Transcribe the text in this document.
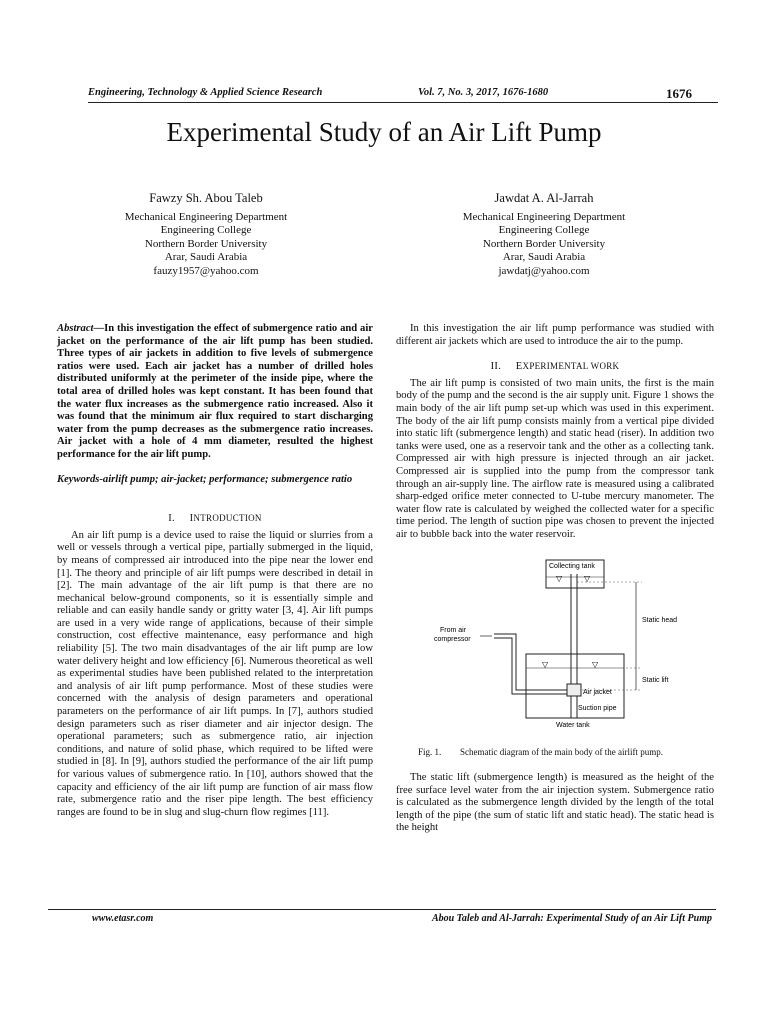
Engineering, Technology & Applied Science Research	Vol. 7, No. 3, 2017, 1676-1680	1676
Experimental Study of an Air Lift Pump
Fawzy Sh. Abou Taleb
Mechanical Engineering Department
Engineering College
Northern Border University
Arar, Saudi Arabia
fauzy1957@yahoo.com
Jawdat A. Al-Jarrah
Mechanical Engineering Department
Engineering College
Northern Border University
Arar, Saudi Arabia
jawdatj@yahoo.com

Abstract—In this investigation the effect of submergence ratio and air jacket on the performance of the air lift pump has been studied. Three types of air jackets in addition to five levels of submergence ratios were used. Each air jacket has a number of drilled holes distributed uniformly at the perimeter of the inside pipe, where the total area of drilled holes was kept constant. It has been found that the water flux increases as the submergence ratio increased. Also it was found that the minimum air flux required to start discharging water from the pump decreases as the submergence ratio increases. Air jacket with a hole of 4 mm diameter, resulted the highest performance for the air lift pump.

Keywords-airlift pump; air-jacket; performance; submergence ratio

I. INTRODUCTION

An air lift pump is a device used to raise the liquid or slurries from a well or vessels through a vertical pipe, partially submerged in the liquid, by means of compressed air introduced into the pipe near the lower end [1]. The theory and principle of air lift pumps were described in detail in [2]. The main advantage of the air lift pump is that there are no mechanical below-ground components, so it is essentially simple and reliable and can easily handle sandy or gritty water [3, 4]. Air lift pumps are used in a very wide range of applications, because of their simple construction, cost effective maintenance, easy performance and high reliability [5]. The two main disadvantages of the air lift pump are low water delivery height and low efficiency [6]. Numerous theoretical as well as experimental studies have been published related to the interpretation and analysis of air lift pump performance. Most of these studies were concerned with the analysis of design parameters and operational parameters on the performance of air lift pumps. In [7], authors studied design parameters such as riser diameter and air injector design. The operational parameters; such as submergence ratio, air injection conditions, and nature of solid phase, which required to be lifted were studied in [8]. In [9], authors studied the performance of the air lift pump for various values of submergence ratio. In [10], authors showed that the capacity and efficiency of the air lift pump are function of air mass flow rate, submergence ratio and the riser pipe length. The best efficiency ranges are found to be in slug and slug-churn flow regimes [11].

In this investigation the air lift pump performance was studied with different air jackets which are used to introduce the air to the pump.

II. EXPERIMENTAL WORK

The air lift pump is consisted of two main units, the first is the main body of the pump and the second is the air supply unit. Figure 1 shows the main body of the air lift pump set-up which was used in this experiment. The body of the air lift pump consists mainly from a vertical pipe divided into static lift (submergence length) and static head (riser). In addition two tanks were used, one as a reservoir tank and the other as a collecting tank. Compressed air with high pressure is injected through an air jacket. Compressed air is supplied into the pump from the compressor tank through an air-supply line. The airflow rate is measured using a calibrated sharp-edged orifice meter connected to U-tube mercury manometer. The water flow rate is calculated by weighed the collected water for a specific time period. The length of suction pipe was chosen to prevent the injected air to bubble back into the water reservoir.

Collecting tank
▽	▽
▽	▽
Static head
Static lift
From air
compressor
Air jacket
Suction pipe
Water tank

Fig. 1. Schematic diagram of the main body of the airlift pump.

The static lift (submergence length) is measured as the height of the free surface level water from the air injection system. Submergence ratio is calculated as the submergence length divided by the length of the total length of the pipe (the sum of static lift and static head). The static head is the height

www.etasr.com	Abou Taleb and Al-Jarrah: Experimental Study of an Air Lift Pump
